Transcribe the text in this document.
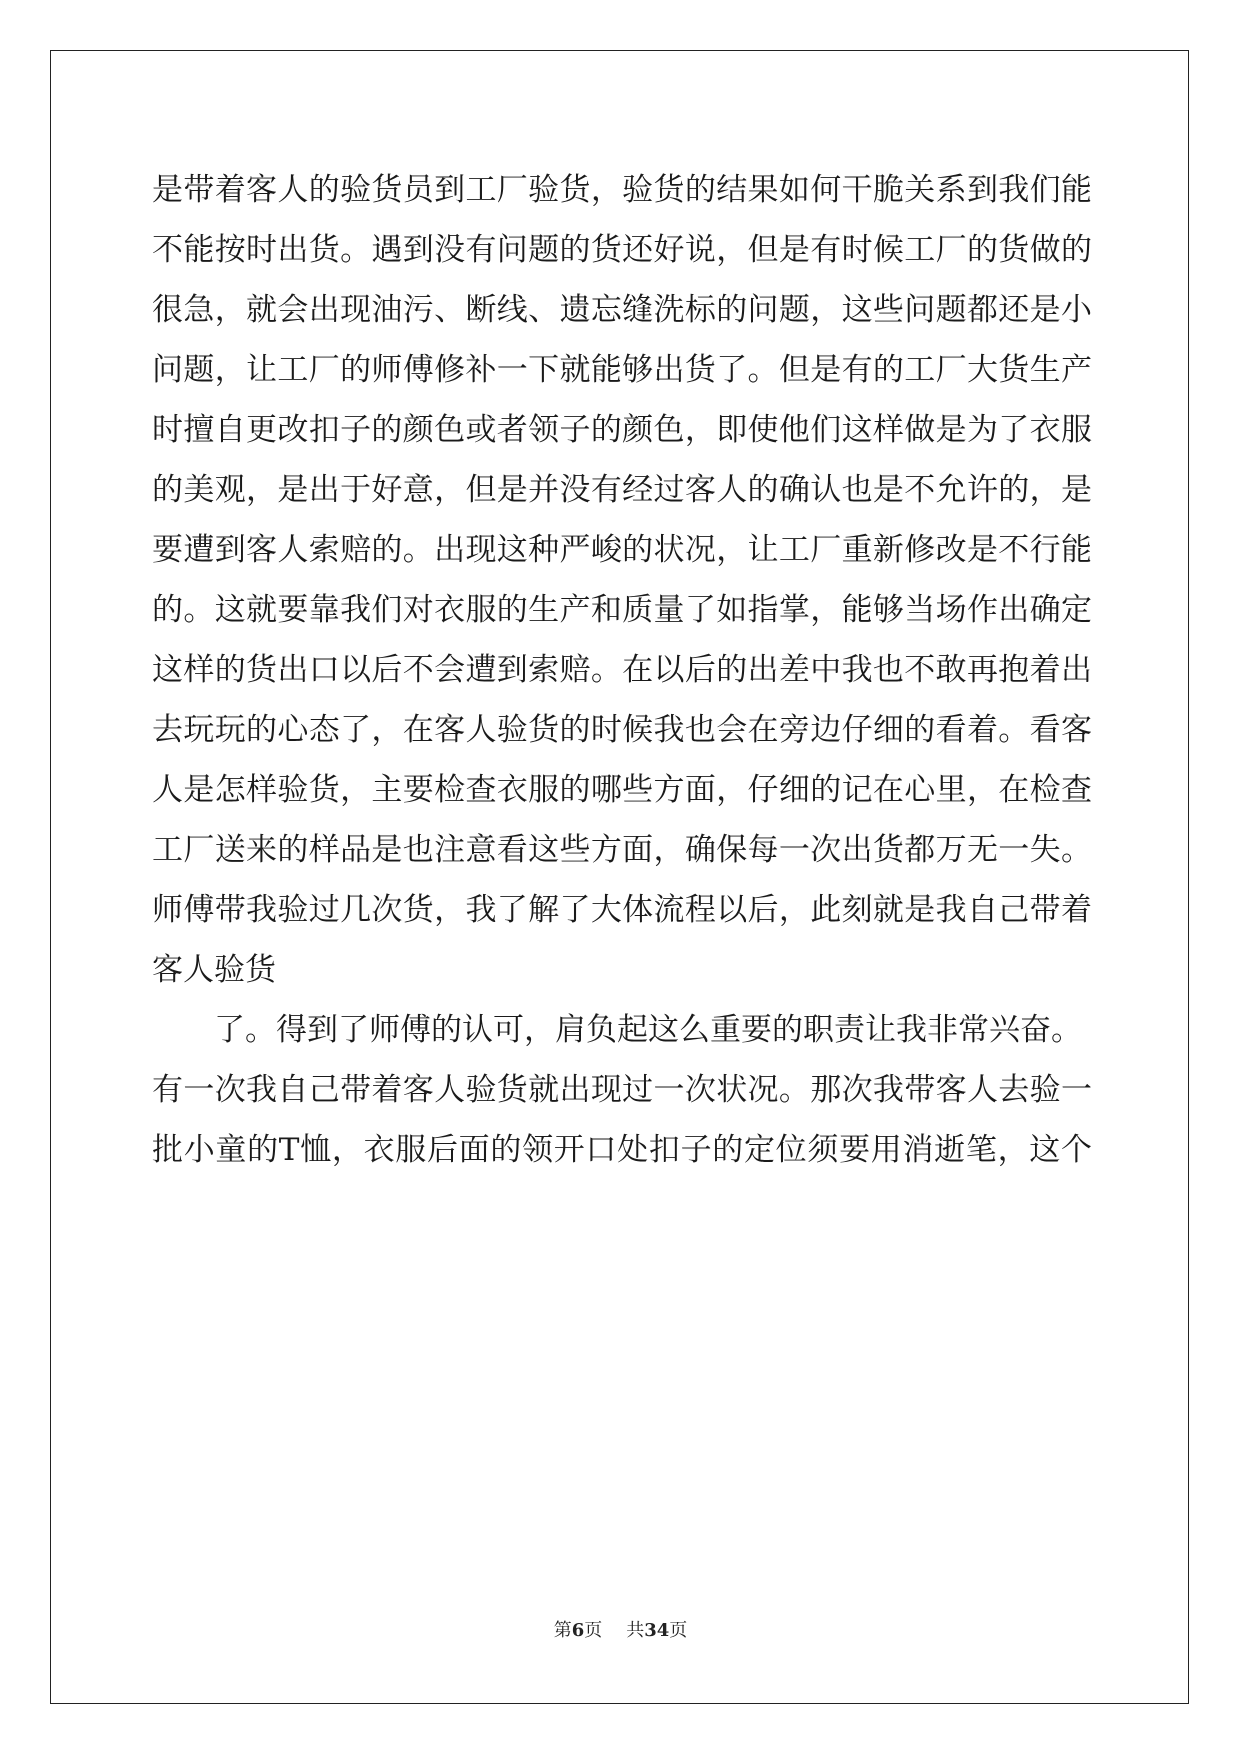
是带着客人的验货员到工厂验货，验货的结果如何干脆关系到我们能
不能按时出货。遇到没有问题的货还好说，但是有时候工厂的货做的
很急，就会出现油污、断线、遗忘缝洗标的问题，这些问题都还是小
问题，让工厂的师傅修补一下就能够出货了。但是有的工厂大货生产
时擅自更改扣子的颜色或者领子的颜色，即使他们这样做是为了衣服
的美观，是出于好意，但是并没有经过客人的确认也是不允许的，是
要遭到客人索赔的。出现这种严峻的状况，让工厂重新修改是不行能
的。这就要靠我们对衣服的生产和质量了如指掌，能够当场作出确定
这样的货出口以后不会遭到索赔。在以后的出差中我也不敢再抱着出
去玩玩的心态了，在客人验货的时候我也会在旁边仔细的看着。看客
人是怎样验货，主要检查衣服的哪些方面，仔细的记在心里，在检查
工厂送来的样品是也注意看这些方面，确保每一次出货都万无一失。
师傅带我验过几次货，我了解了大体流程以后，此刻就是我自己带着
客人验货
了。得到了师傅的认可，肩负起这么重要的职责让我非常兴奋。
有一次我自己带着客人验货就出现过一次状况。那次我带客人去验一
批小童的T恤，衣服后面的领开口处扣子的定位须要用消逝笔，这个
第6页 共34页
